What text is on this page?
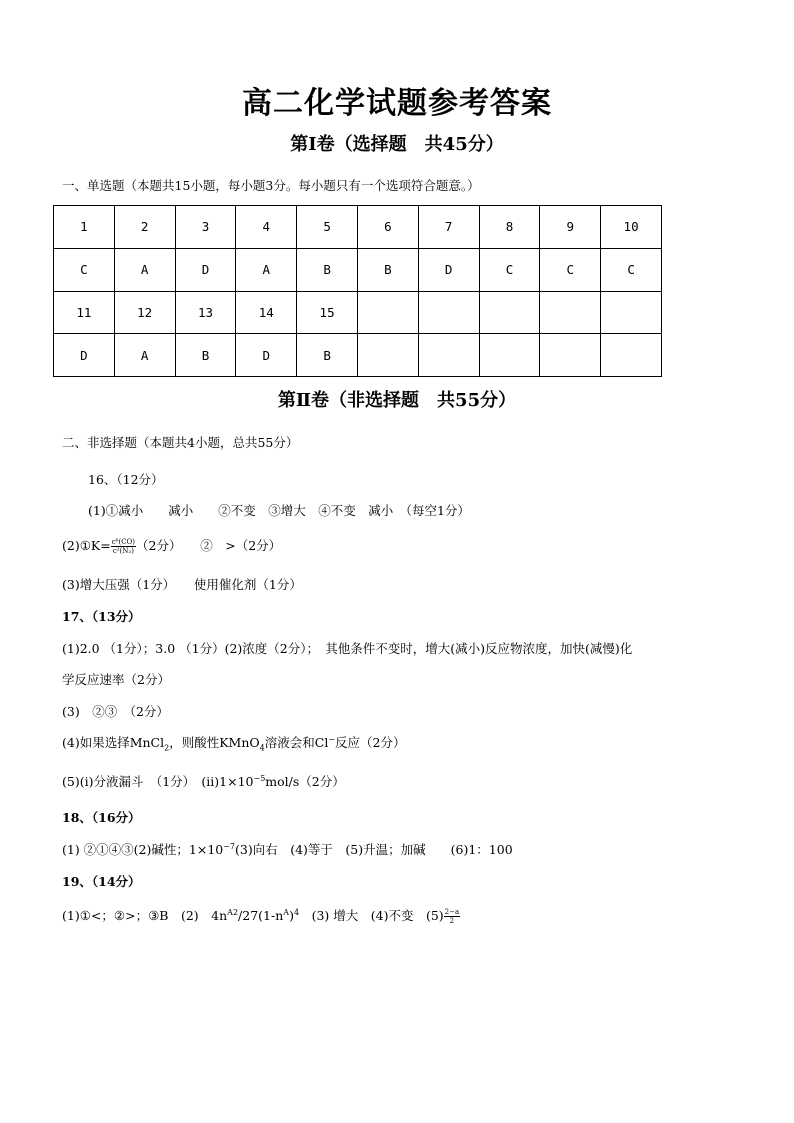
高二化学试题参考答案
第Ⅰ卷（选择题　共45分）
一、单选题（本题共15小题，每小题3分。每小题只有一个选项符合题意。）
1	2	3	4	5	6	7	8	9	10
C	A	D	A	B	B	D	C	C	C
11	12	13	14	15					
D	A	B	D	B					
第Ⅱ卷（非选择题　共55分）
二、非选择题（本题共4小题，总共55分）
16、（12分）
(1)①减小　　减小　　②不变　③增大　④不变　减小　（每空1分）
(2)①K= $\frac{\text{c⁶(CO)}}{\text{c²(N₂)}} (2$分）　　②　>（2分）
(3)增大压强（1分）　　使用催化剂（1分）
17、（13分）
(1)2.0 （1分）；3.0 （1分）(2)浓度（2分）；　其他条件不变时，增大(减小)反应物浓度，加快(减慢)化
学反应速率（2分）
(3)　②③　（2分）
(4)如果选择MnCl$_2$，则酸性KMnO$_4$溶液会和Cl−反应（2分）
(5)(ⅰ)分液漏斗　（1分）　$(ⅱ)1\times 10^{-5}mol/s(2$分）
18、（16分）
(1) ②①④③(2)碱性；$1\times 10^{-7}(3)$向右　(4)等于　(5)升温；加碱　　(6)1：100
19、（14分）
(1)①<；②>；③B　(2)　$4n^{A2}/27(1-n^A)^4$　 (3) 增大　(4)不变　$(5) \frac{2-a}{2}$
